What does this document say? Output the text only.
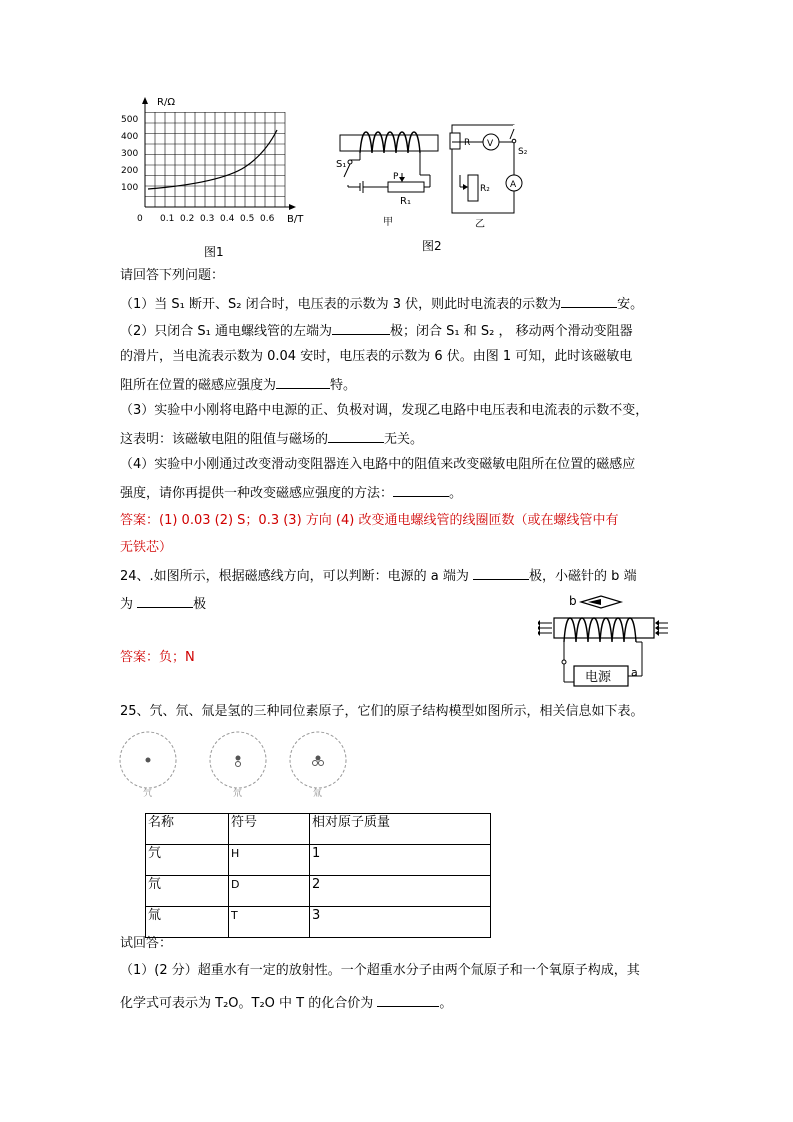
R/Ω
500
400
300
200
100
0 0.1 0.2 0.3 0.4 0.5 0.6 B/T
图1
S₁
P
R₁
甲
R V
S₂
A
R₂
乙
图2
请回答下列问题：
（1）当 S₁ 断开、S₂ 闭合时，电压表的示数为 3 伏，则此时电流表的示数为	安。
（2）只闭合 S₁ 通电螺线管的左端为	极；闭合 S₁ 和 S₂ ， 移动两个滑动变阻器
的滑片，当电流表示数为 0.04 安时，电压表的示数为 6 伏。由图 1 可知，此时该磁敏电
阻所在位置的磁感应强度为	特。
（3）实验中小刚将电路中电源的正、负极对调，发现乙电路中电压表和电流表的示数不变，
这表明：该磁敏电阻的阻值与磁场的	无关。
（4）实验中小刚通过改变滑动变阻器连入电路中的阻值来改变磁敏电阻所在位置的磁感应
强度，请你再提供一种改变磁感应强度的方法：	。
答案：(1) 0.03 (2) S；0.3 (3) 方向 (4) 改变通电螺线管的线圈匝数（或在螺线管中有
无铁芯）
24、.如图所示，根据磁感线方向，可以判断：电源的 a 端为	极，小磁针的 b 端
为	极
答案：负；N
b
电源 a
25、氕、氘、氚是氢的三种同位素原子，它们的原子结构模型如图所示，相关信息如下表。
氕	氘	氚
名称	符号	相对原子质量
氕	H	1
氘	D	2
氚	T	3
试回答：
（1）(2 分）超重水有一定的放射性。一个超重水分子由两个氚原子和一个氧原子构成，其
化学式可表示为 T₂O。T₂O 中 T 的化合价为	。
